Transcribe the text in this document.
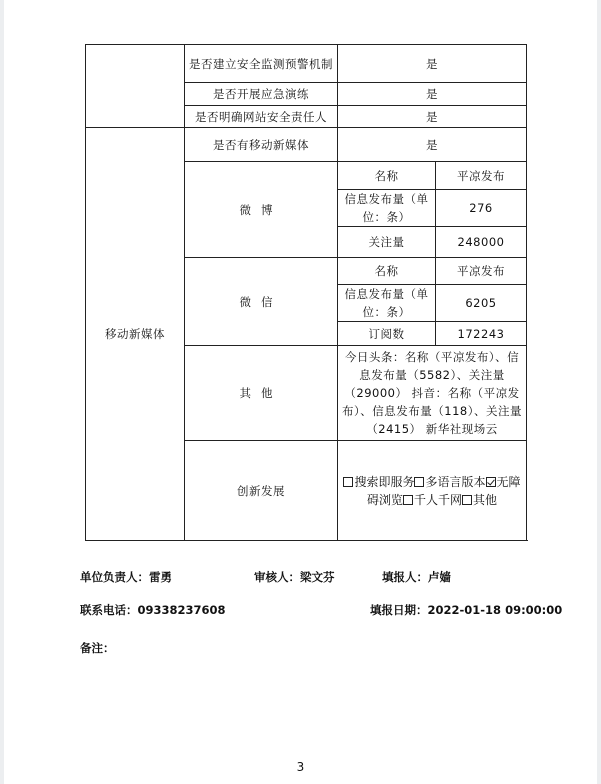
	是否建立安全监测预警机制	是	
	是否开展应急演练	是	
	是否明确网站安全责任人	是	
移动新媒体	是否有移动新媒体	是	
	微博	名称	平凉发布
		信息发布量（单位：条）	276
		关注量	248000
	微信	名称	平凉发布
		信息发布量（单位：条）	6205
		订阅数	172243
	其他	今日头条：名称（平凉发布）、信息发布量（5582）、关注量（29000） 抖音：名称（平凉发布）、信息发布量（118）、关注量（2415） 新华社现场云	
	创新发展	搜索即服务 多语言版本 无障碍浏览 千人千网 其他	
单位负责人：雷勇	审核人：梁文芬	填报人：卢嫱
联系电话：09338237608	填报日期：2022-01-18 09:00:00
备注：
3
